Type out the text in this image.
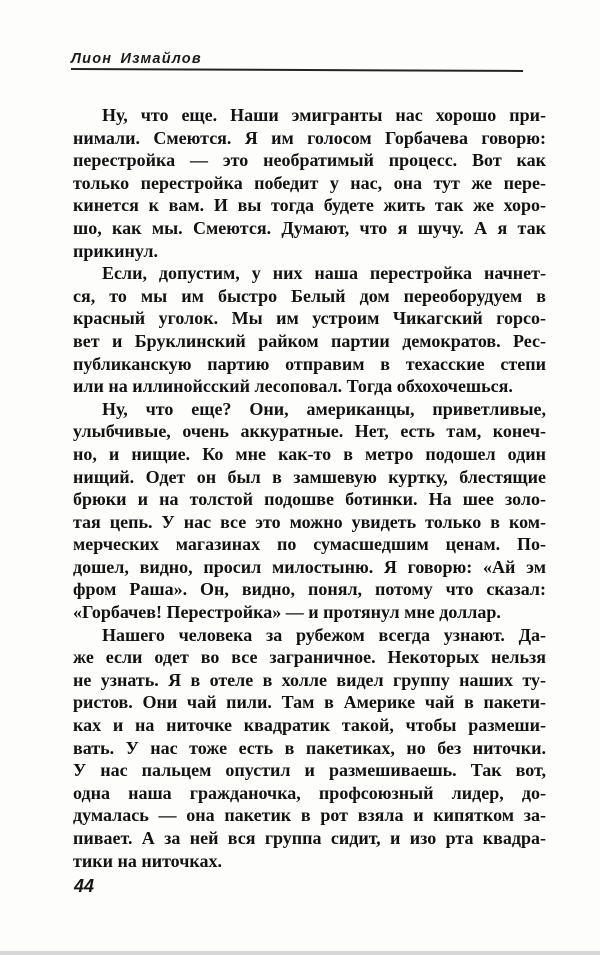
Лион Измайлов
Ну, что еще. Наши эмигранты нас хорошо при-
нимали. Смеются. Я им голосом Горбачева говорю:
перестройка — это необратимый процесс. Вот как
только перестройка победит у нас, она тут же пере-
кинется к вам. И вы тогда будете жить так же хоро-
шо, как мы. Смеются. Думают, что я шучу. А я так
прикинул.
Если, допустим, у них наша перестройка начнет-
ся, то мы им быстро Белый дом переоборудуем в
красный уголок. Мы им устроим Чикагский горсо-
вет и Бруклинский райком партии демократов. Рес-
публиканскую партию отправим в техасские степи
или на иллинойсский лесоповал. Тогда обхохочешься.
Ну, что еще? Они, американцы, приветливые,
улыбчивые, очень аккуратные. Нет, есть там, конеч-
но, и нищие. Ко мне как-то в метро подошел один
нищий. Одет он был в замшевую куртку, блестящие
брюки и на толстой подошве ботинки. На шее золо-
тая цепь. У нас все это можно увидеть только в ком-
мерческих магазинах по сумасшедшим ценам. По-
дошел, видно, просил милостыню. Я говорю: «Ай эм
фром Раша». Он, видно, понял, потому что сказал:
«Горбачев! Перестройка» — и протянул мне доллар.
Нашего человека за рубежом всегда узнают. Да-
же если одет во все заграничное. Некоторых нельзя
не узнать. Я в отеле в холле видел группу наших ту-
ристов. Они чай пили. Там в Америке чай в пакети-
ках и на ниточке квадратик такой, чтобы размеши-
вать. У нас тоже есть в пакетиках, но без ниточки.
У нас пальцем опустил и размешиваешь. Так вот,
одна наша гражданочка, профсоюзный лидер, до-
думалась — она пакетик в рот взяла и кипятком за-
пивает. А за ней вся группа сидит, и изо рта квадра-
тики на ниточках.
44
